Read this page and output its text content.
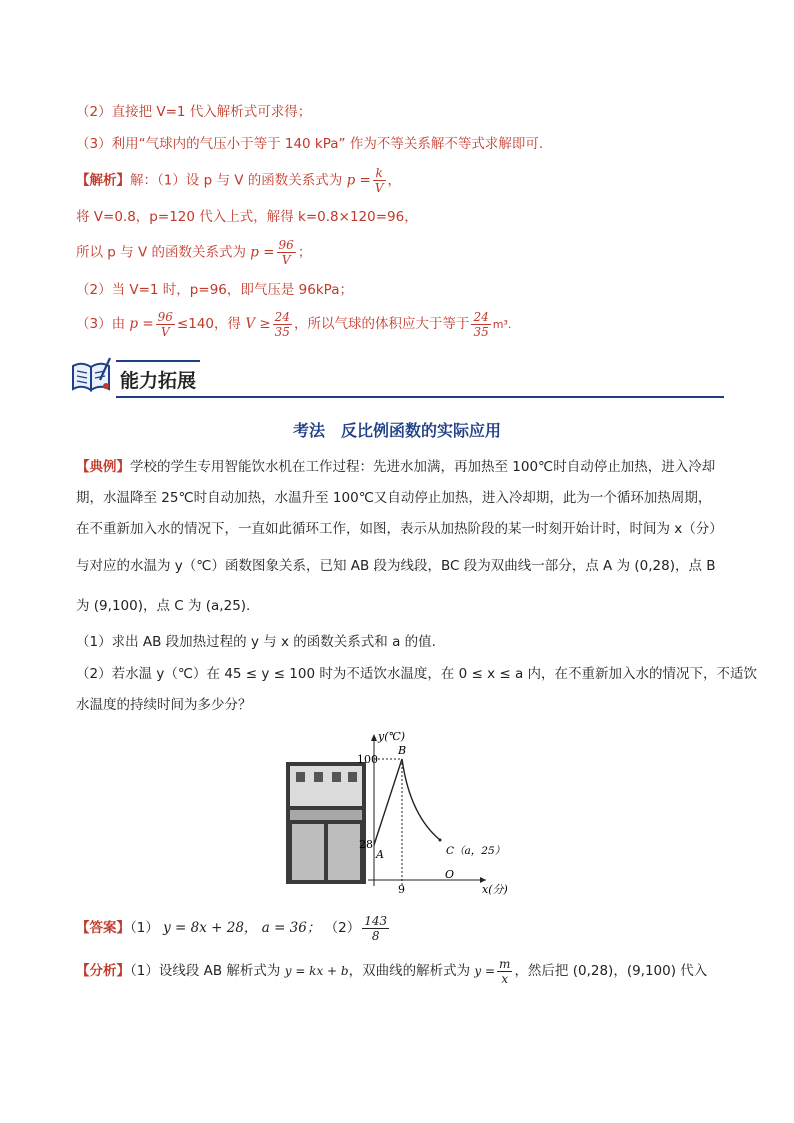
（2）直接把 V=1 代入解析式可求得；
（3）利用“气球内的气压小于等于 140 kPa” 作为不等关系解不等式求解即可.
【解析】解：（1）设 p 与 V 的函数关系式为 $p = \frac{k}{V}$ ，
将 V=0.8，p=120 代入上式，解得 k=0.8×120=96，
所以 p 与 V 的函数关系式为 $p = \frac{96}{V}$ ；
（2）当 V=1 时，p=96，即气压是 96kPa；
（3）由 $p = \frac{96}{V} \le 140$，得 $V \ge \frac{24}{35}$ ，所以气球的体积应大于等于 $\frac{24}{35} m^3$.
能力拓展
考法　反比例函数的实际应用
【典例】学校的学生专用智能饮水机在工作过程：先进水加满，再加热至 100℃时自动停止加热，进入冷却
期，水温降至 25℃时自动加热，水温升至 100℃又自动停止加热，进入冷却期，此为一个循环加热周期，
在不重新加入水的情况下，一直如此循环工作，如图，表示从加热阶段的某一时刻开始计时，时间为 x（分）
与对应的水温为 y（℃）函数图象关系，已知 AB 段为线段，BC 段为双曲线一部分，点 A 为 (0,28)，点 B
为 (9,100)，点 C 为 (a,25).
（1）求出 AB 段加热过程的 y 与 x 的函数关系式和 a 的值.
（2）若水温 y（℃）在 45 ≤ y ≤ 100 时为不适饮水温度，在 0 ≤ x ≤ a 内，在不重新加入水的情况下，不适饮
水温度的持续时间为多少分？
y(℃)
100
28
9
B
A
O
C（a，25）
x(分)
【答案】（1） y = 8x + 28， a = 36； $(2) \frac{143}{8}$
【分析】（1）设线段 AB 解析式为 y = kx + b，双曲线的解析式为 $y = \frac{m}{x}$ ，然后把 (0,28)，(9,100) 代入
